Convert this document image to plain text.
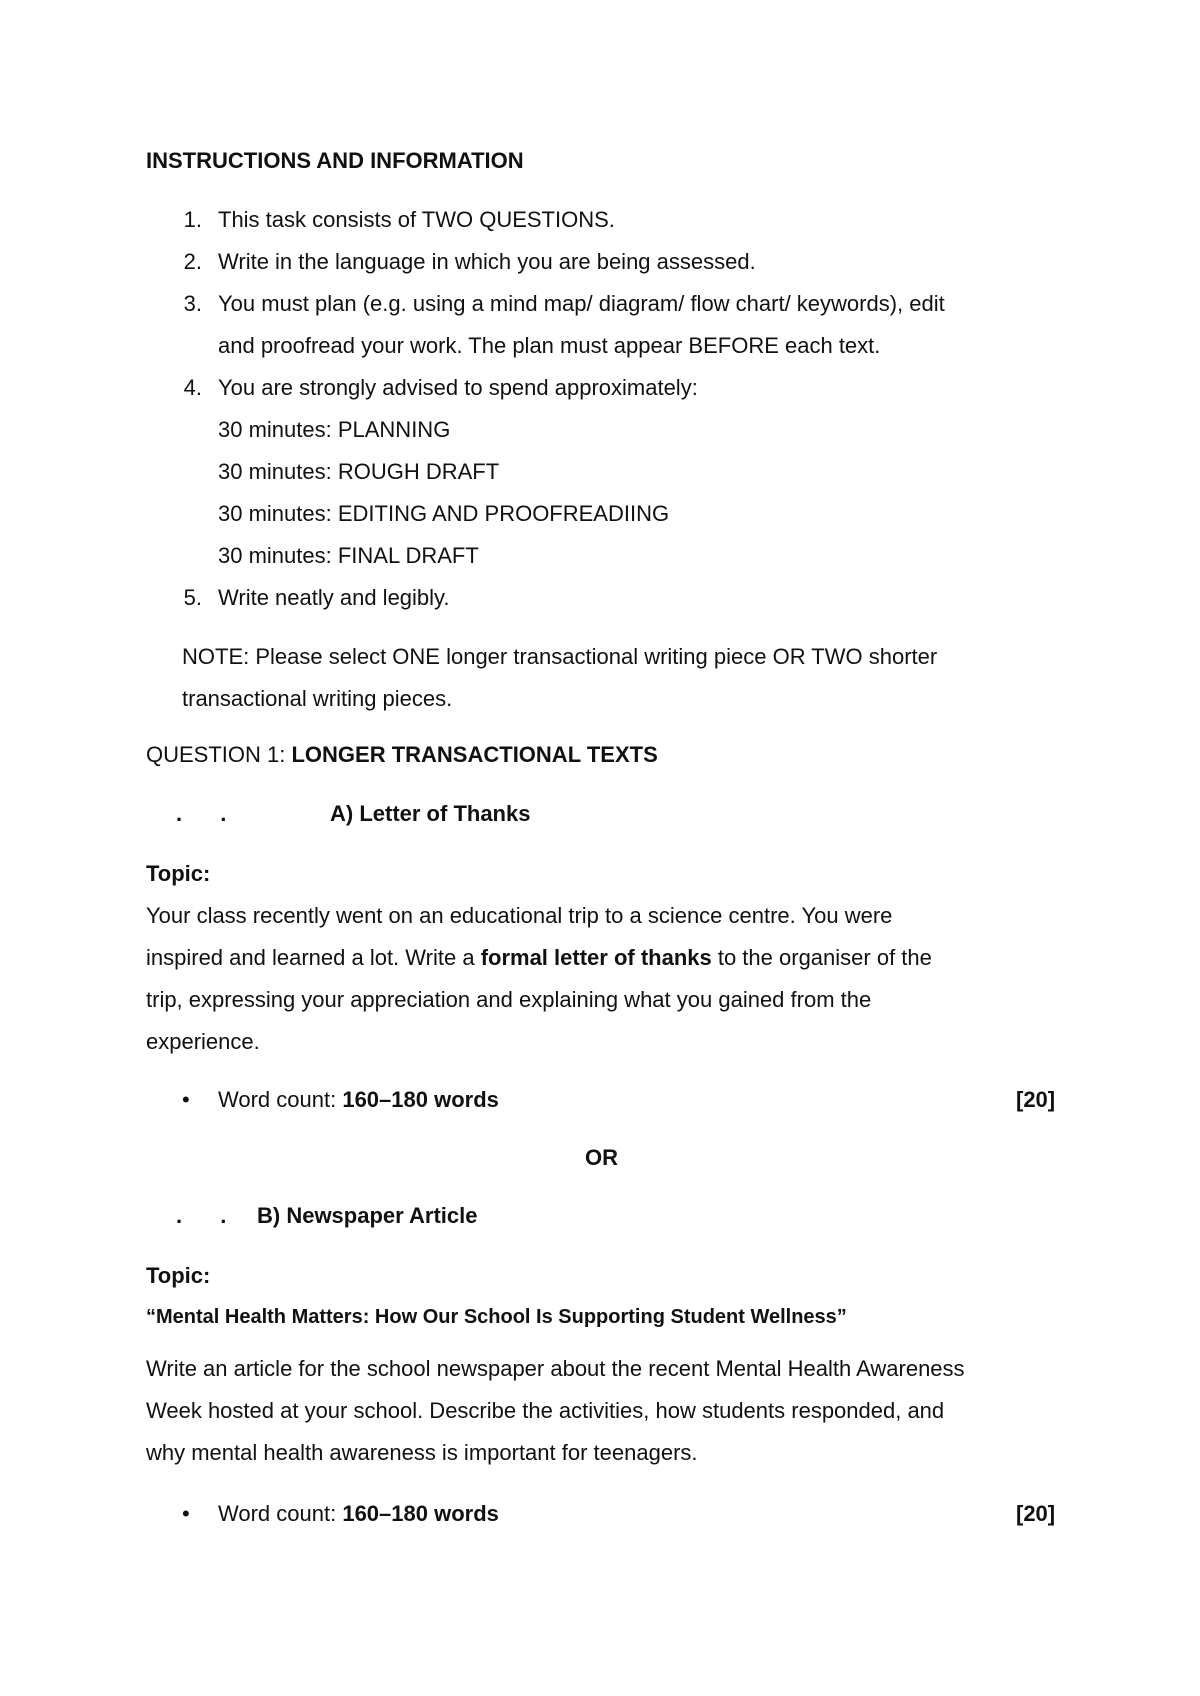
INSTRUCTIONS AND INFORMATION
1. This task consists of TWO QUESTIONS.
2. Write in the language in which you are being assessed.
3. You must plan (e.g. using a mind map/ diagram/ flow chart/ keywords), edit
and proofread your work. The plan must appear BEFORE each text.
4. You are strongly advised to spend approximately:
30 minutes: PLANNING
30 minutes: ROUGH DRAFT
30 minutes: EDITING AND PROOFREADIING
30 minutes: FINAL DRAFT
5. Write neatly and legibly.
NOTE: Please select ONE longer transactional writing piece OR TWO shorter
transactional writing pieces.
QUESTION 1: LONGER TRANSACTIONAL TEXTS
. .	A) Letter of Thanks
Topic:
Your class recently went on an educational trip to a science centre. You were
inspired and learned a lot. Write a formal letter of thanks to the organiser of the
trip, expressing your appreciation and explaining what you gained from the
experience.
• Word count: 160–180 words	[20]
OR
. . B) Newspaper Article
Topic:
“Mental Health Matters: How Our School Is Supporting Student Wellness”
Write an article for the school newspaper about the recent Mental Health Awareness
Week hosted at your school. Describe the activities, how students responded, and
why mental health awareness is important for teenagers.
• Word count: 160–180 words	[20]
